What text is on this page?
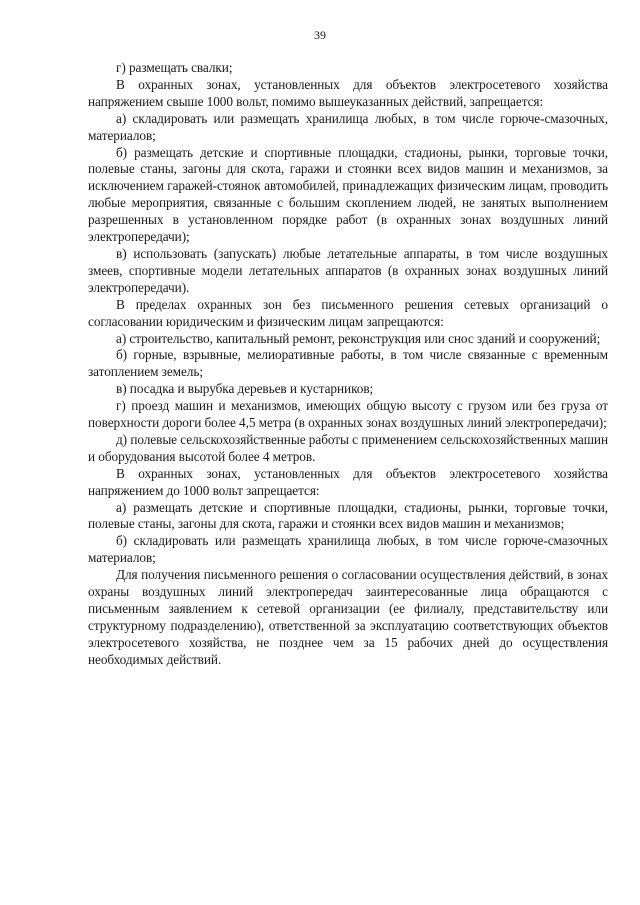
39

г) размещать свалки;

В охранных зонах, установленных для объектов электросетевого хозяйства напряжением свыше 1000 вольт, помимо вышеуказанных действий, запрещается:

а) складировать или размещать хранилища любых, в том числе горюче-смазочных, материалов;

б) размещать детские и спортивные площадки, стадионы, рынки, торговые точки, полевые станы, загоны для скота, гаражи и стоянки всех видов машин и механизмов, за исключением гаражей-стоянок автомобилей, принадлежащих физическим лицам, проводить любые мероприятия, связанные с большим скоплением людей, не занятых выполнением разрешенных в установленном порядке работ (в охранных зонах воздушных линий электропередачи);

в) использовать (запускать) любые летательные аппараты, в том числе воздушных змеев, спортивные модели летательных аппаратов (в охранных зонах воздушных линий электропередачи).

В пределах охранных зон без письменного решения сетевых организаций о согласовании юридическим и физическим лицам запрещаются:

а) строительство, капитальный ремонт, реконструкция или снос зданий и сооружений;

б) горные, взрывные, мелиоративные работы, в том числе связанные с временным затоплением земель;

в) посадка и вырубка деревьев и кустарников;

г) проезд машин и механизмов, имеющих общую высоту с грузом или без груза от поверхности дороги более 4,5 метра (в охранных зонах воздушных линий электропередачи);

д) полевые сельскохозяйственные работы с применением сельскохозяйственных машин и оборудования высотой более 4 метров.

В охранных зонах, установленных для объектов электросетевого хозяйства напряжением до 1000 вольт запрещается:

а) размещать детские и спортивные площадки, стадионы, рынки, торговые точки, полевые станы, загоны для скота, гаражи и стоянки всех видов машин и механизмов;

б) складировать или размещать хранилища любых, в том числе горюче-смазочных материалов;

Для получения письменного решения о согласовании осуществления действий, в зонах охраны воздушных линий электропередач заинтересованные лица обращаются с письменным заявлением к сетевой организации (ее филиалу, представительству или структурному подразделению), ответственной за эксплуатацию соответствующих объектов электросетевого хозяйства, не позднее чем за 15 рабочих дней до осуществления необходимых действий.
